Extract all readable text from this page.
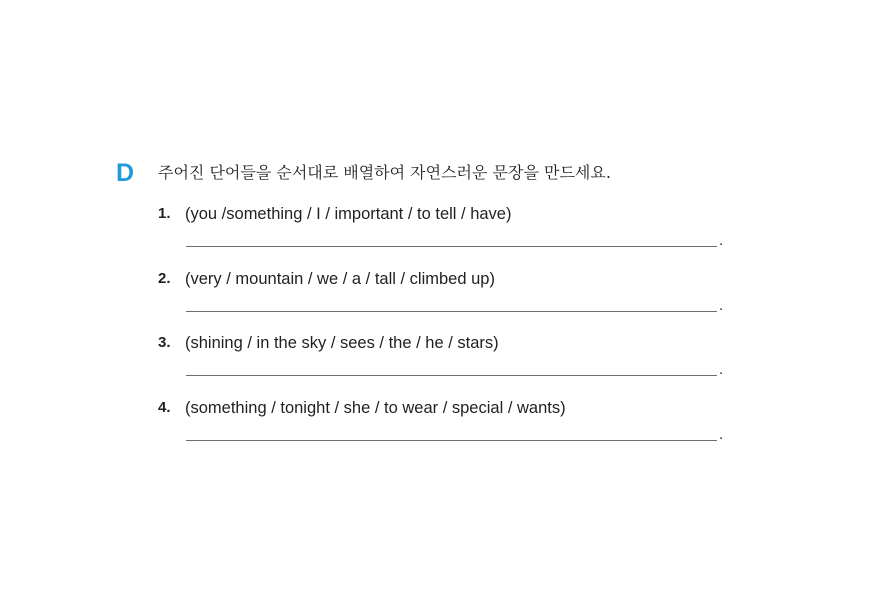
D 주어진 단어들을 순서대로 배열하여 자연스러운 문장을 만드세요.
1. (you /something / I / important / to tell / have)
.
2. (very / mountain / we / a / tall / climbed up)
.
3. (shining / in the sky / sees / the / he / stars)
.
4. (something / tonight / she / to wear / special / wants)
.
